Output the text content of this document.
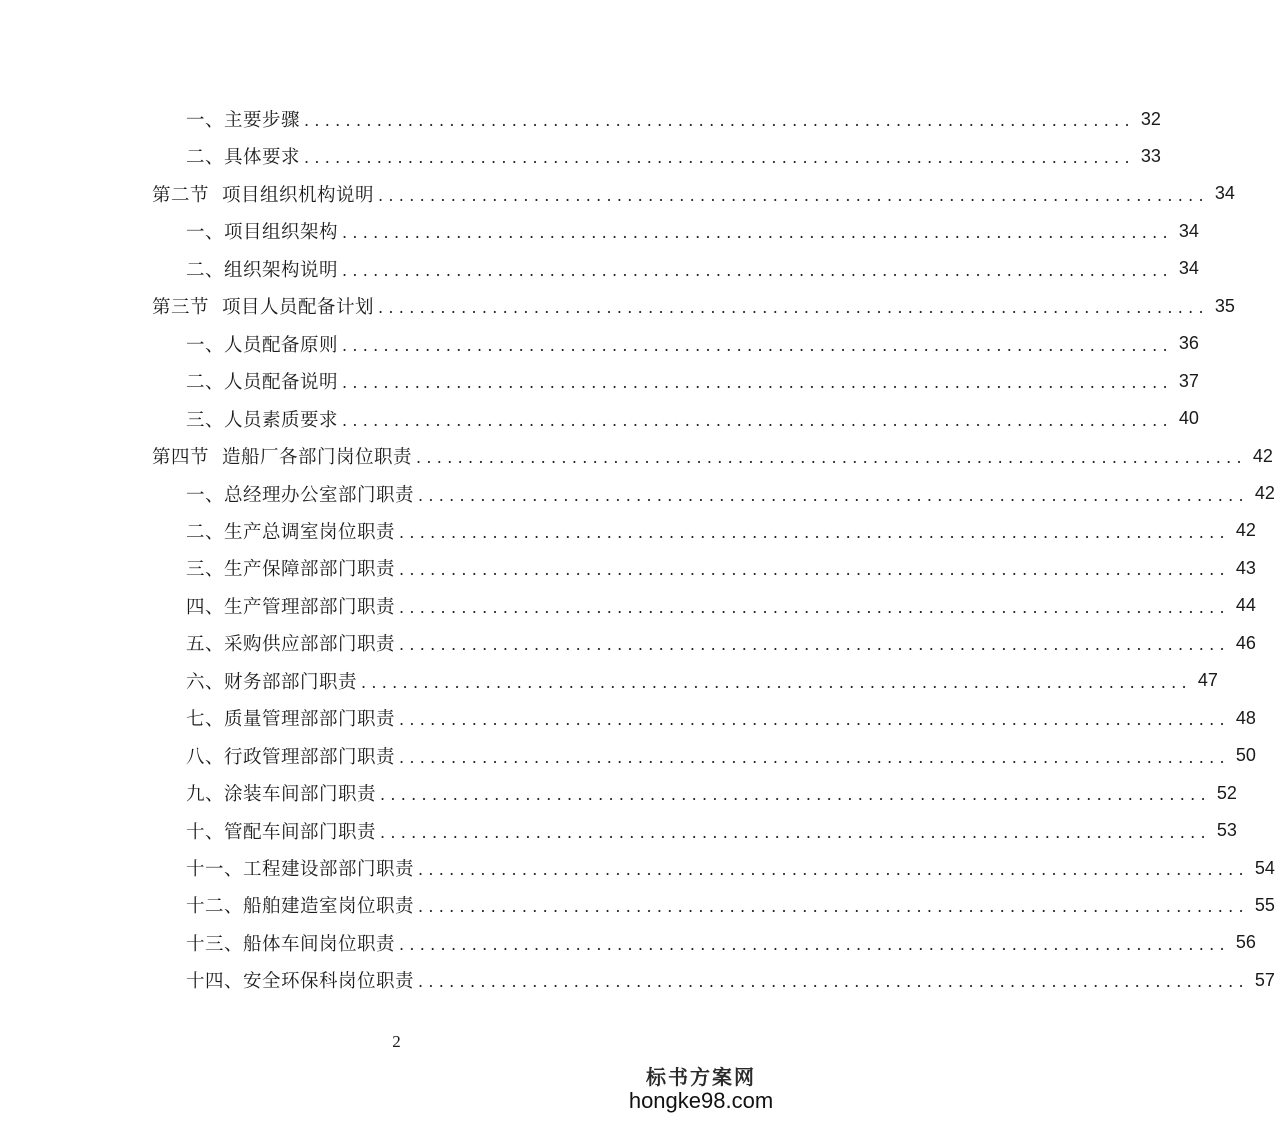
一、主要步骤 ................................................................................ 32
二、具体要求 ................................................................................ 33
第二节 项目组织机构说明 ................................................................................ 34
一、项目组织架构 ................................................................................ 34
二、组织架构说明 ................................................................................ 34
第三节 项目人员配备计划 ................................................................................ 35
一、人员配备原则 ................................................................................ 36
二、人员配备说明 ................................................................................ 37
三、人员素质要求 ................................................................................ 40
第四节 造船厂各部门岗位职责 ................................................................................ 42
一、总经理办公室部门职责 ................................................................................ 42
二、生产总调室岗位职责 ................................................................................ 42
三、生产保障部部门职责 ................................................................................ 43
四、生产管理部部门职责 ................................................................................ 44
五、采购供应部部门职责 ................................................................................ 46
六、财务部部门职责 ................................................................................ 47
七、质量管理部部门职责 ................................................................................ 48
八、行政管理部部门职责 ................................................................................ 50
九、涂装车间部门职责 ................................................................................ 52
十、管配车间部门职责 ................................................................................ 53
十一、工程建设部部门职责 ................................................................................ 54
十二、船舶建造室岗位职责 ................................................................................ 55
十三、船体车间岗位职责 ................................................................................ 56
十四、安全环保科岗位职责 ................................................................................ 57
2
标书方案网
hongke98.com
